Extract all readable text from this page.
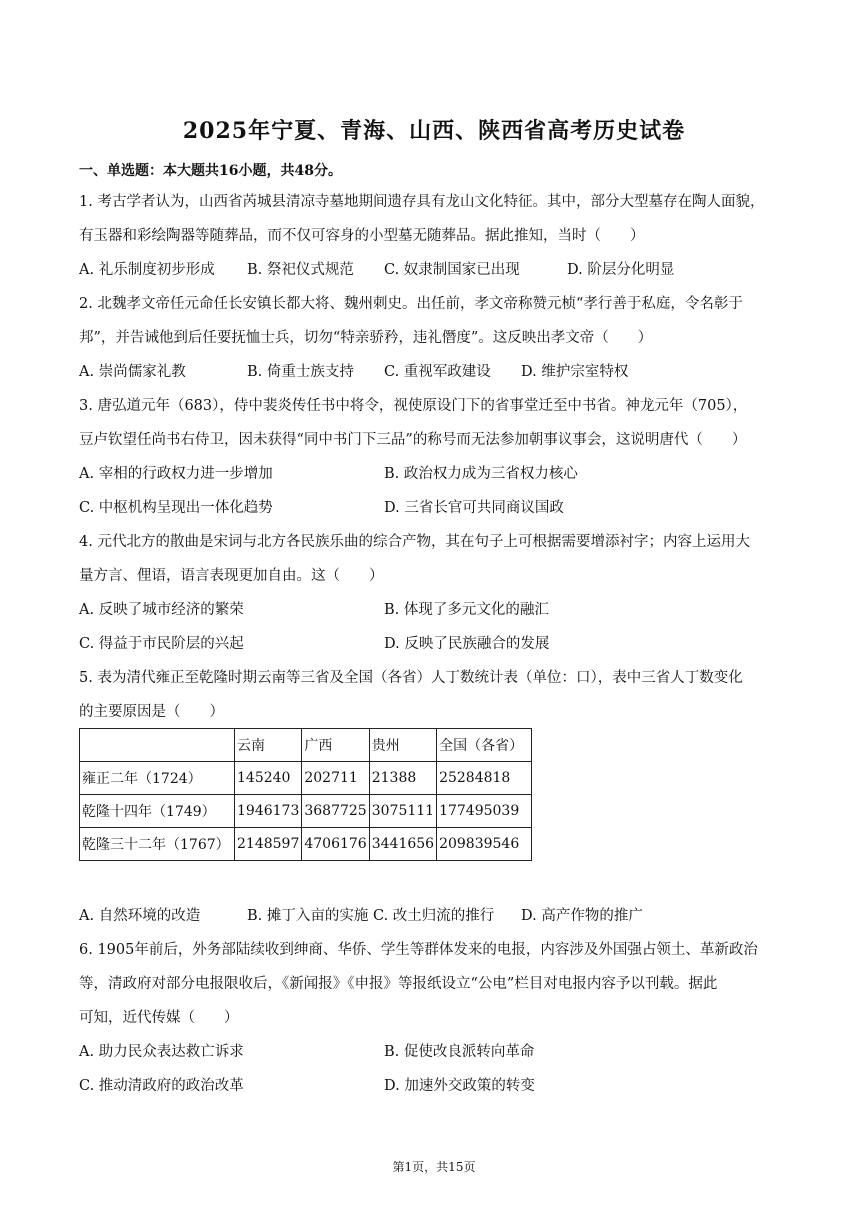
2025年宁夏、青海、山西、陕西省高考历史试卷
一、单选题：本大题共16小题，共48分。
1. 考古学者认为，山西省芮城县清凉寺墓地期间遗存具有龙山文化特征。其中，部分大型墓存在陶人面貌，
有玉器和彩绘陶器等随葬品，而不仅可容身的小型墓无随葬品。据此推知，当时（　　）
A. 礼乐制度初步形成 B. 祭祀仪式规范 C. 奴隶制国家已出现	D. 阶层分化明显
2. 北魏孝文帝任元命任长安镇长都大将、魏州刺史。出任前，孝文帝称赞元桢“孝行善于私庭，令名彰于
邦”，并告诫他到后任要抚恤士兵，切勿“特亲骄矜，违礼僭度”。这反映出孝文帝（　　）
A. 崇尚儒家礼教	B. 倚重士族支持 C. 重视军政建设 D. 维护宗室特权
3. 唐弘道元年（683），侍中裴炎传任书中将令，视使原设门下的省事堂迁至中书省。神龙元年（705），
豆卢钦望任尚书右侍卫，因未获得“同中书门下三品”的称号而无法参加朝事议事会，这说明唐代（　　）
A. 宰相的行政权力进一步增加	B. 政治权力成为三省权力核心
C. 中枢机构呈现出一体化趋势	D. 三省长官可共同商议国政
4. 元代北方的散曲是宋词与北方各民族乐曲的综合产物，其在句子上可根据需要增添衬字；内容上运用大
量方言、俚语，语言表现更加自由。这（　　）
A. 反映了城市经济的繁荣	B. 体现了多元文化的融汇
C. 得益于市民阶层的兴起	D. 反映了民族融合的发展
5. 表为清代雍正至乾隆时期云南等三省及全国（各省）人丁数统计表（单位：口），表中三省人丁数变化
的主要原因是（　　）
	云南	广西	贵州	全国（各省）
雍正二年（1724）	145240	202711	21388	25284818
乾隆十四年（1749）	1946173	3687725	3075111	177495039
乾隆三十二年（1767）	2148597	4706176	3441656	209839546
A. 自然环境的改造	B. 摊丁入亩的实施 C. 改土归流的推行 D. 高产作物的推广
6. 1905年前后，外务部陆续收到绅商、华侨、学生等群体发来的电报，内容涉及外国强占领土、革新政治
等，清政府对部分电报限收后，《新闻报》《申报》等报纸设立“公电”栏目对电报内容予以刊载。据此
可知，近代传媒（　　）
A. 助力民众表达救亡诉求	B. 促使改良派转向革命
C. 推动清政府的政治改革	D. 加速外交政策的转变
第1页，共15页
